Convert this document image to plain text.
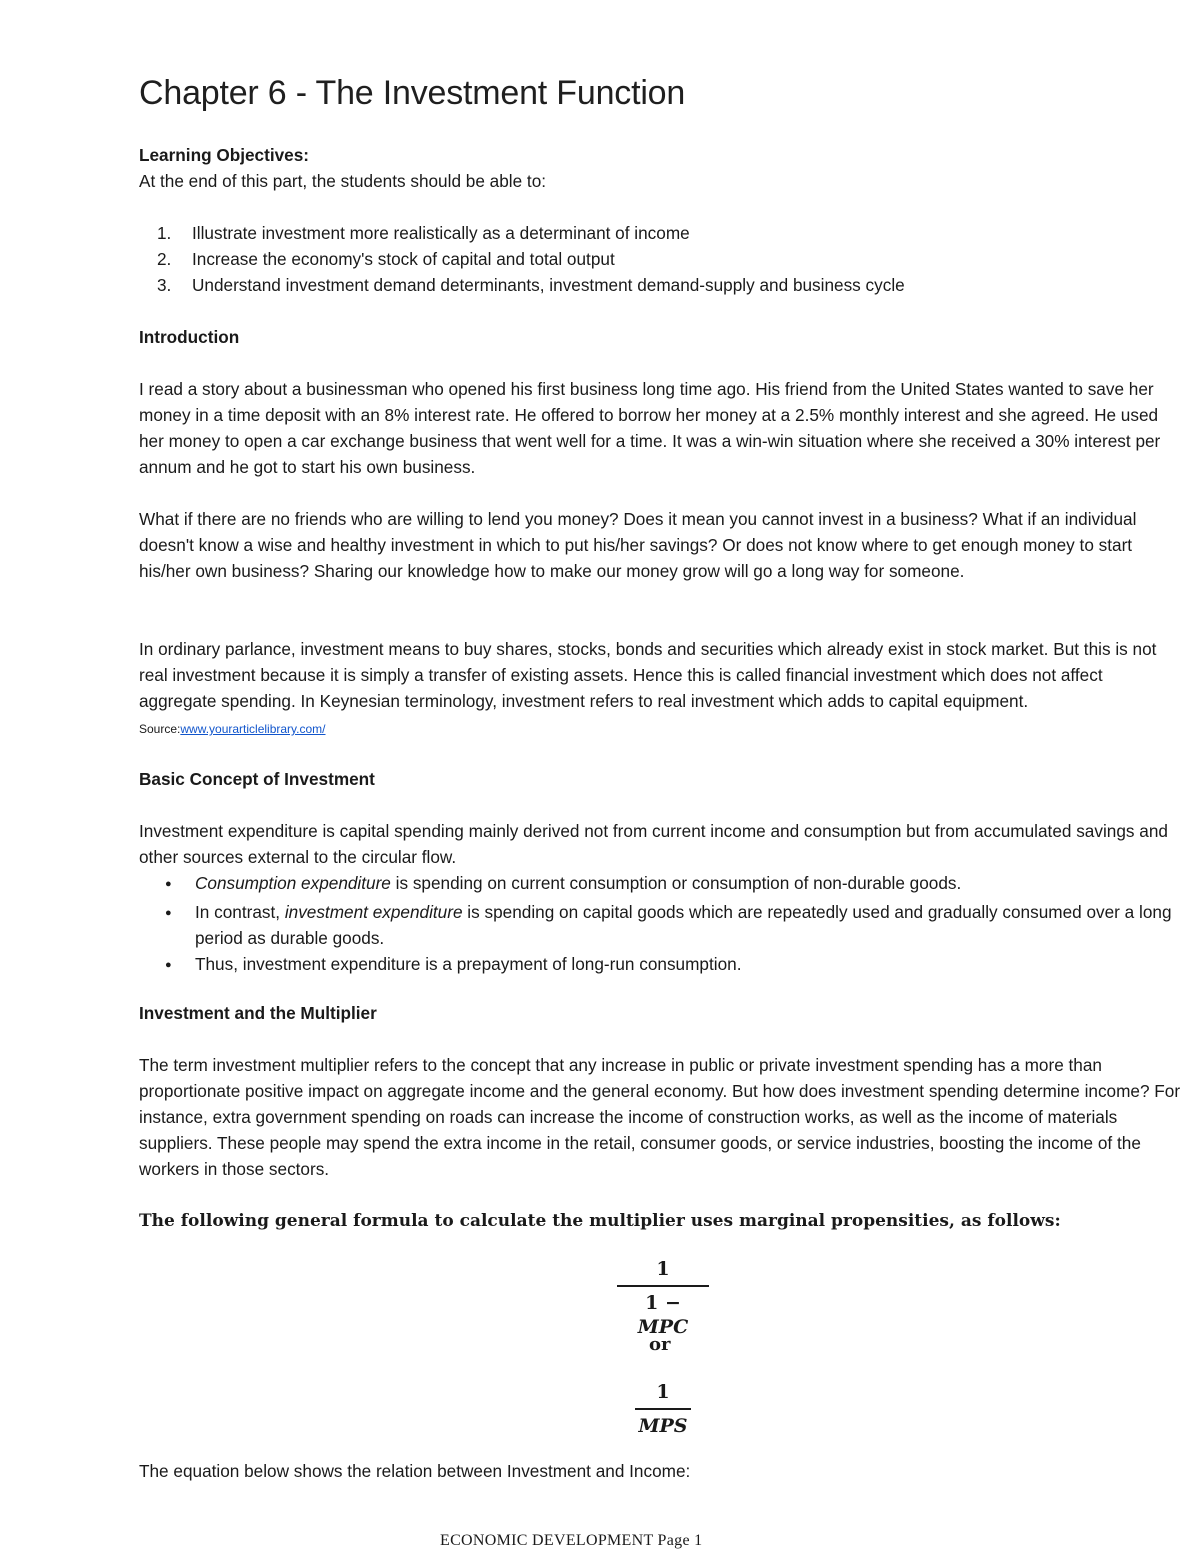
Chapter 6 - The Investment Function

Learning Objectives:

At the end of this part, the students should be able to:

1.	Illustrate investment more realistically as a determinant of income
2.	Increase the economy's stock of capital and total output
3.	Understand investment demand determinants, investment demand-supply and business cycle

Introduction

I read a story about a businessman who opened his first business long time ago. His friend from the United States wanted to save her money in a time deposit with an 8% interest rate. He offered to borrow her money at a 2.5% monthly interest and she agreed. He used her money to open a car exchange business that went well for a time. It was a win-win situation where she received a 30% interest per annum and he got to start his own business.

What if there are no friends who are willing to lend you money? Does it mean you cannot invest in a business? What if an individual doesn't know a wise and healthy investment in which to put his/her savings? Or does not know where to get enough money to start his/her own business? Sharing our knowledge how to make our money grow will go a long way for someone.

In ordinary parlance, investment means to buy shares, stocks, bonds and securities which already exist in stock market. But this is not real investment because it is simply a transfer of existing assets. Hence this is called financial investment which does not affect aggregate spending. In Keynesian terminology, investment refers to real investment which adds to capital equipment. Source:www.yourarticlelibrary.com/

Basic Concept of Investment

Investment expenditure is capital spending mainly derived not from current income and consumption but from accumulated savings and other sources external to the circular flow.

●
Consumption expenditure is spending on current consumption or consumption of non-durable goods.
●
In contrast, investment expenditure is spending on capital goods which are repeatedly used and gradually consumed over a long period as durable goods.
●
Thus, investment expenditure is a prepayment of long-run consumption.

Investment and the Multiplier

The term investment multiplier refers to the concept that any increase in public or private investment spending has a more than proportionate positive impact on aggregate income and the general economy. But how does investment spending determine income? For instance, extra government spending on roads can increase the income of construction works, as well as the income of materials suppliers. These people may spend the extra income in the retail, consumer goods, or service industries, boosting the income of the workers in those sectors.

The following general formula to calculate the multiplier uses marginal propensities, as follows:
1
1 − MPC
or
1
MPS

The equation below shows the relation between Investment and Income:

ECONOMIC DEVELOPMENT Page 1
